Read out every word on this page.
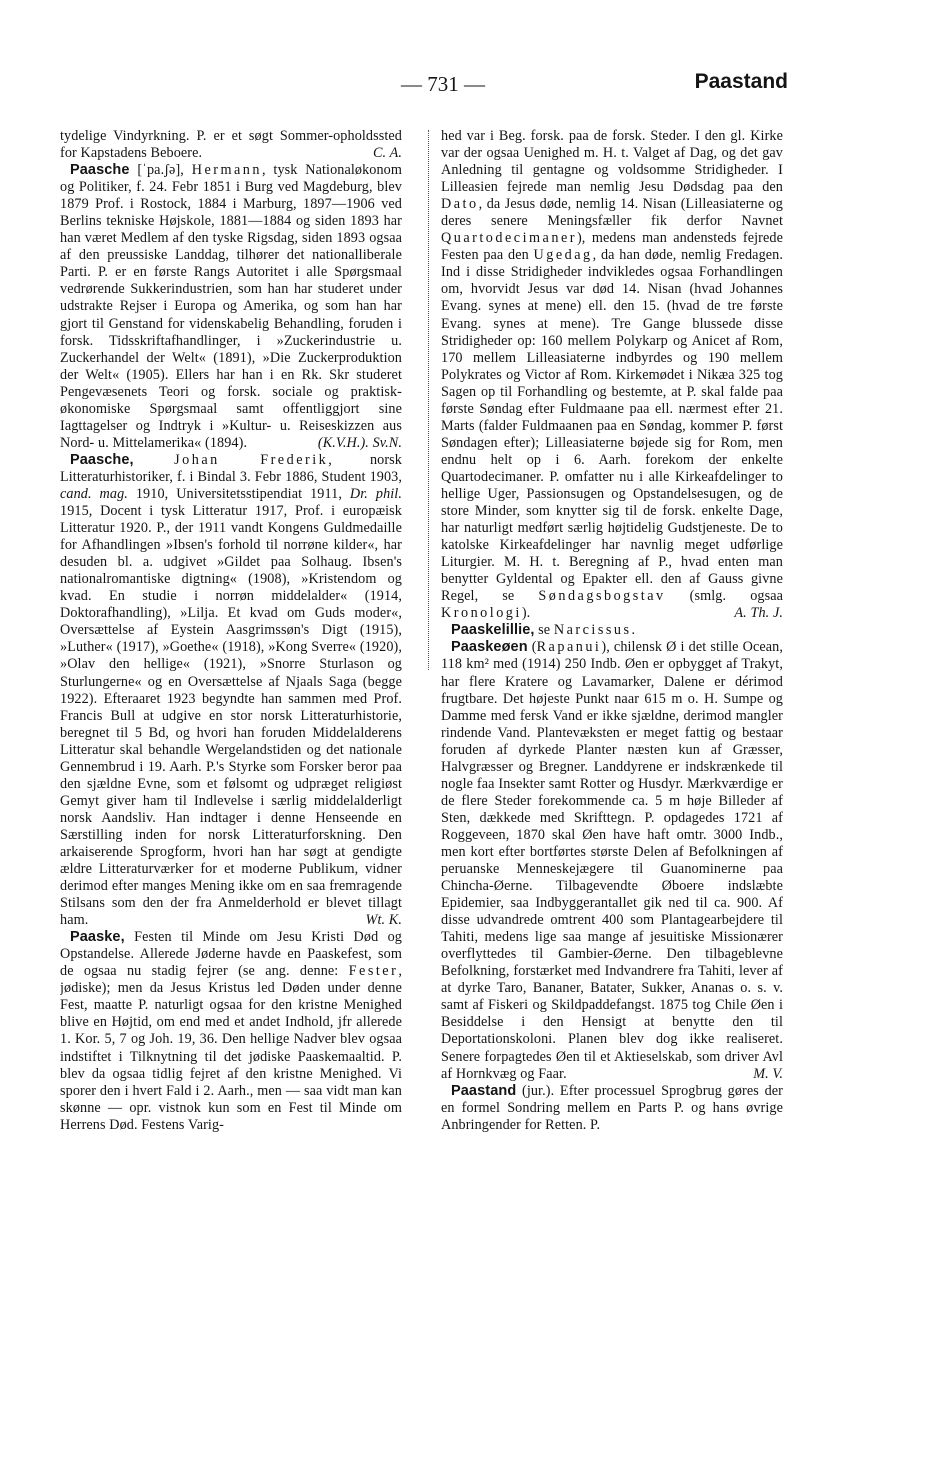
— 731 —	Paastand

tydelige Vindyrkning. P. er et søgt Sommer-opholdssted for Kapstadens Beboere.	C. A.

Paasche [ˈpa.ʃə], Hermann, tysk Nationaløkonom og Politiker, f. 24. Febr 1851 i Burg ved Magdeburg, blev 1879 Prof. i Rostock, 1884 i Marburg, 1897—1906 ved Berlins tekniske Højskole, 1881—1884 og siden 1893 har han været Medlem af den tyske Rigsdag, siden 1893 ogsaa af den preussiske Landdag, tilhører det nationalliberale Parti. P. er en første Rangs Autoritet i alle Spørgsmaal vedrørende Sukkerindustrien, som han har studeret under udstrakte Rejser i Europa og Amerika, og som han har gjort til Genstand for videnskabelig Behandling, foruden i forsk. Tidsskriftafhandlinger, i »Zuckerindustrie u. Zuckerhandel der Welt« (1891), »Die Zuckerproduktion der Welt« (1905). Ellers har han i en Rk. Skr studeret Pengevæsenets Teori og forsk. sociale og praktisk-økonomiske Spørgsmaal samt offentliggjort sine Iagttagelser og Indtryk i »Kultur- u. Reiseskizzen aus Nord- u. Mittelamerika« (1894).	(K.V.H.). Sv.N.

Paasche, Johan Frederik, norsk Litteraturhistoriker, f. i Bindal 3. Febr 1886, Student 1903, cand. mag. 1910, Universitetsstipendiat 1911, Dr. phil. 1915, Docent i tysk Litteratur 1917, Prof. i europæisk Litteratur 1920. P., der 1911 vandt Kongens Guldmedaille for Afhandlingen »Ibsen's forhold til norrøne kilder«, har desuden bl. a. udgivet »Gildet paa Solhaug. Ibsen's nationalromantiske digtning« (1908), »Kristendom og kvad. En studie i norrøn middelalder« (1914, Doktorafhandling), »Lilja. Et kvad om Guds moder«, Oversættelse af Eystein Aasgrimssøn's Digt (1915), »Luther« (1917), »Goethe« (1918), »Kong Sverre« (1920), »Olav den hellige« (1921), »Snorre Sturlason og Sturlungerne« og en Oversættelse af Njaals Saga (begge 1922). Efteraaret 1923 begyndte han sammen med Prof. Francis Bull at udgive en stor norsk Litteraturhistorie, beregnet til 5 Bd, og hvori han foruden Middelalderens Litteratur skal behandle Wergelandstiden og det nationale Gennembrud i 19. Aarh. P.'s Styrke som Forsker beror paa den sjældne Evne, som et følsomt og udpræget religiøst Gemyt giver ham til Indlevelse i særlig middelalderligt norsk Aandsliv. Han indtager i denne Henseende en Særstilling inden for norsk Litteraturforskning. Den arkaiserende Sprogform, hvori han har søgt at gendigte ældre Litteraturværker for et moderne Publikum, vidner derimod efter manges Mening ikke om en saa fremragende Stilsans som den der fra Anmelderhold er blevet tillagt ham.	Wt. K.

Paaske, Festen til Minde om Jesu Kristi Død og Opstandelse. Allerede Jøderne havde en Paaskefest, som de ogsaa nu stadig fejrer (se ang. denne: Fester, jødiske); men da Jesus Kristus led Døden under denne Fest, maatte P. naturligt ogsaa for den kristne Menighed blive en Højtid, om end med et andet Indhold, jfr allerede 1. Kor. 5, 7 og Joh. 19, 36. Den hellige Nadver blev ogsaa indstiftet i Tilknytning til det jødiske Paaskemaaltid. P. blev da ogsaa tidlig fejret af den kristne Menighed. Vi sporer den i hvert Fald i 2. Aarh., men — saa vidt man kan skønne — opr. vistnok kun som en Fest til Minde om Herrens Død. Festens Varig-

hed var i Beg. forsk. paa de forsk. Steder. I den gl. Kirke var der ogsaa Uenighed m. H. t. Valget af Dag, og det gav Anledning til gentagne og voldsomme Stridigheder. I Lilleasien fejrede man nemlig Jesu Dødsdag paa den Dato, da Jesus døde, nemlig 14. Nisan (Lilleasiaterne og deres senere Meningsfæller fik derfor Navnet Quartodecimaner), medens man andensteds fejrede Festen paa den Ugedag, da han døde, nemlig Fredagen. Ind i disse Stridigheder indvikledes ogsaa Forhandlingen om, hvorvidt Jesus var død 14. Nisan (hvad Johannes Evang. synes at mene) ell. den 15. (hvad de tre første Evang. synes at mene). Tre Gange blussede disse Stridigheder op: 160 mellem Polykarp og Anicet af Rom, 170 mellem Lilleasiaterne indbyrdes og 190 mellem Polykrates og Victor af Rom. Kirkemødet i Nikæa 325 tog Sagen op til Forhandling og bestemte, at P. skal falde paa første Søndag efter Fuldmaane paa ell. nærmest efter 21. Marts (falder Fuldmaanen paa en Søndag, kommer P. først Søndagen efter); Lilleasiaterne bøjede sig for Rom, men endnu helt op i 6. Aarh. forekom der enkelte Quartodecimaner. P. omfatter nu i alle Kirkeafdelinger to hellige Uger, Passionsugen og Opstandelsesugen, og de store Minder, som knytter sig til de forsk. enkelte Dage, har naturligt medført særlig højtidelig Gudstjeneste. De to katolske Kirkeafdelinger har navnlig meget udførlige Liturgier. M. H. t. Beregning af P., hvad enten man benytter Gyldental og Epakter ell. den af Gauss givne Regel, se Søndagsbogstav (smlg. ogsaa Kronologi).	A. Th. J.

Paaskelillie, se Narcissus.

Paaskeøen (Rapanui), chilensk Ø i det stille Ocean, 118 km² med (1914) 250 Indb. Øen er opbygget af Trakyt, har flere Kratere og Lavamarker, Dalene er dérimod frugtbare. Det højeste Punkt naar 615 m o. H. Sumpe og Damme med fersk Vand er ikke sjældne, derimod mangler rindende Vand. Plantevæksten er meget fattig og bestaar foruden af dyrkede Planter næsten kun af Græsser, Halvgræsser og Bregner. Landdyrene er indskrænkede til nogle faa Insekter samt Rotter og Husdyr. Mærkværdige er de flere Steder forekommende ca. 5 m høje Billeder af Sten, dækkede med Skrifttegn. P. opdagedes 1721 af Roggeveen, 1870 skal Øen have haft omtr. 3000 Indb., men kort efter bortførtes største Delen af Befolkningen af peruanske Menneskejægere til Guanominerne paa Chincha-Øerne. Tilbagevendte Øboere indslæbte Epidemier, saa Indbyggerantallet gik ned til ca. 900. Af disse udvandrede omtrent 400 som Plantagearbejdere til Tahiti, medens lige saa mange af jesuitiske Missionærer overflyttedes til Gambier-Øerne. Den tilbageblevne Befolkning, forstærket med Indvandrere fra Tahiti, lever af at dyrke Taro, Bananer, Batater, Sukker, Ananas o. s. v. samt af Fiskeri og Skildpaddefangst. 1875 tog Chile Øen i Besiddelse i den Hensigt at benytte den til Deportationskoloni. Planen blev dog ikke realiseret. Senere forpagtedes Øen til et Aktieselskab, som driver Avl af Hornkvæg og Faar.	M. V.

Paastand (jur.). Efter processuel Sprogbrug gøres der en formel Sondring mellem en Parts P. og hans øvrige Anbringender for Retten. P.
